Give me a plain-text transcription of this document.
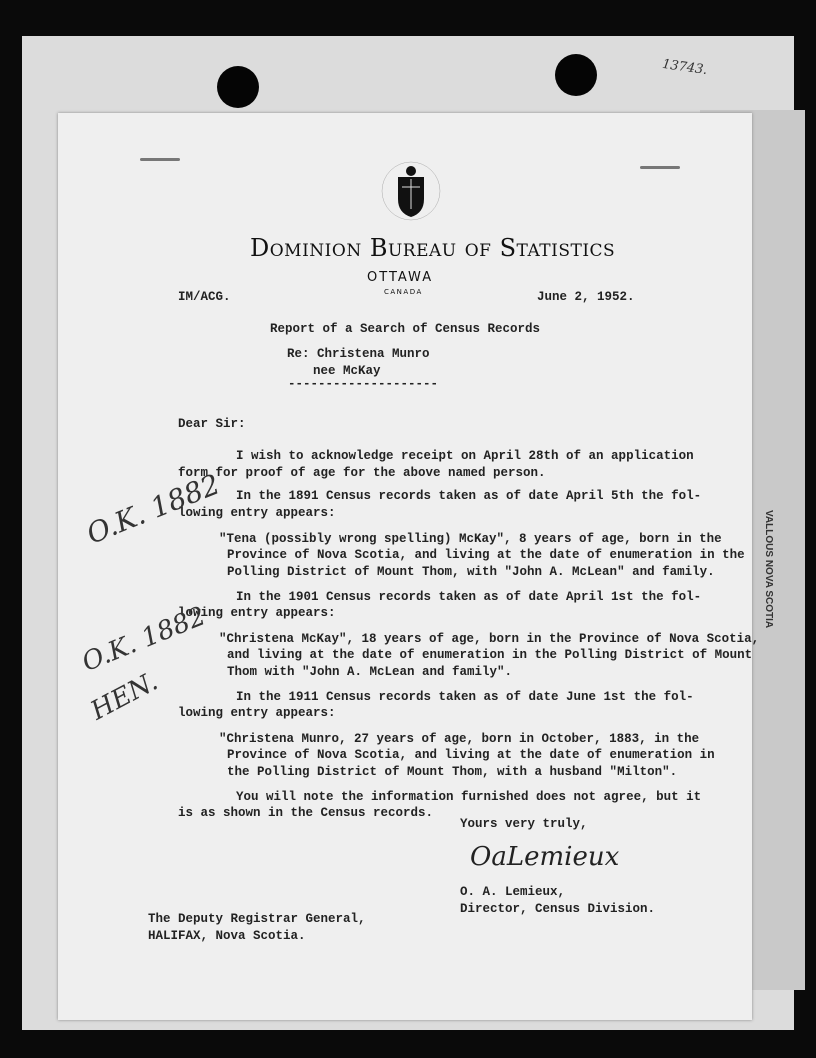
13743.
VALLOUS NOVA SCOTIA
Dominion Bureau of Statistics
OTTAWA
CANADA
IM/ACG.	June 2, 1952.
Report of a Search of Census Records
Re: Christena Munro
nee McKay
--------------------
Dear Sir:
I wish to acknowledge receipt on April 28th of an application
form for proof of age for the above named person.
In the 1891 Census records taken as of date April 5th the fol-
lowing entry appears:
"Tena (possibly wrong spelling) McKay", 8 years of age, born in the
Province of Nova Scotia, and living at the date of enumeration in the
Polling District of Mount Thom, with "John A. McLean" and family.
In the 1901 Census records taken as of date April 1st the fol-
lowing entry appears:
"Christena McKay", 18 years of age, born in the Province of Nova Scotia,
and living at the date of enumeration in the Polling District of Mount
Thom with "John A. McLean and family".
In the 1911 Census records taken as of date June 1st the fol-
lowing entry appears:
"Christena Munro, 27 years of age, born in October, 1883, in the
Province of Nova Scotia, and living at the date of enumeration in
the Polling District of Mount Thom, with a husband "Milton".
You will note the information furnished does not agree, but it
is as shown in the Census records.
Yours very truly,
OaLemieux
O. A. Lemieux,
Director, Census Division.
The Deputy Registrar General,
HALIFAX, Nova Scotia.
O.K. 1882
O.K. 1882
HEN.
